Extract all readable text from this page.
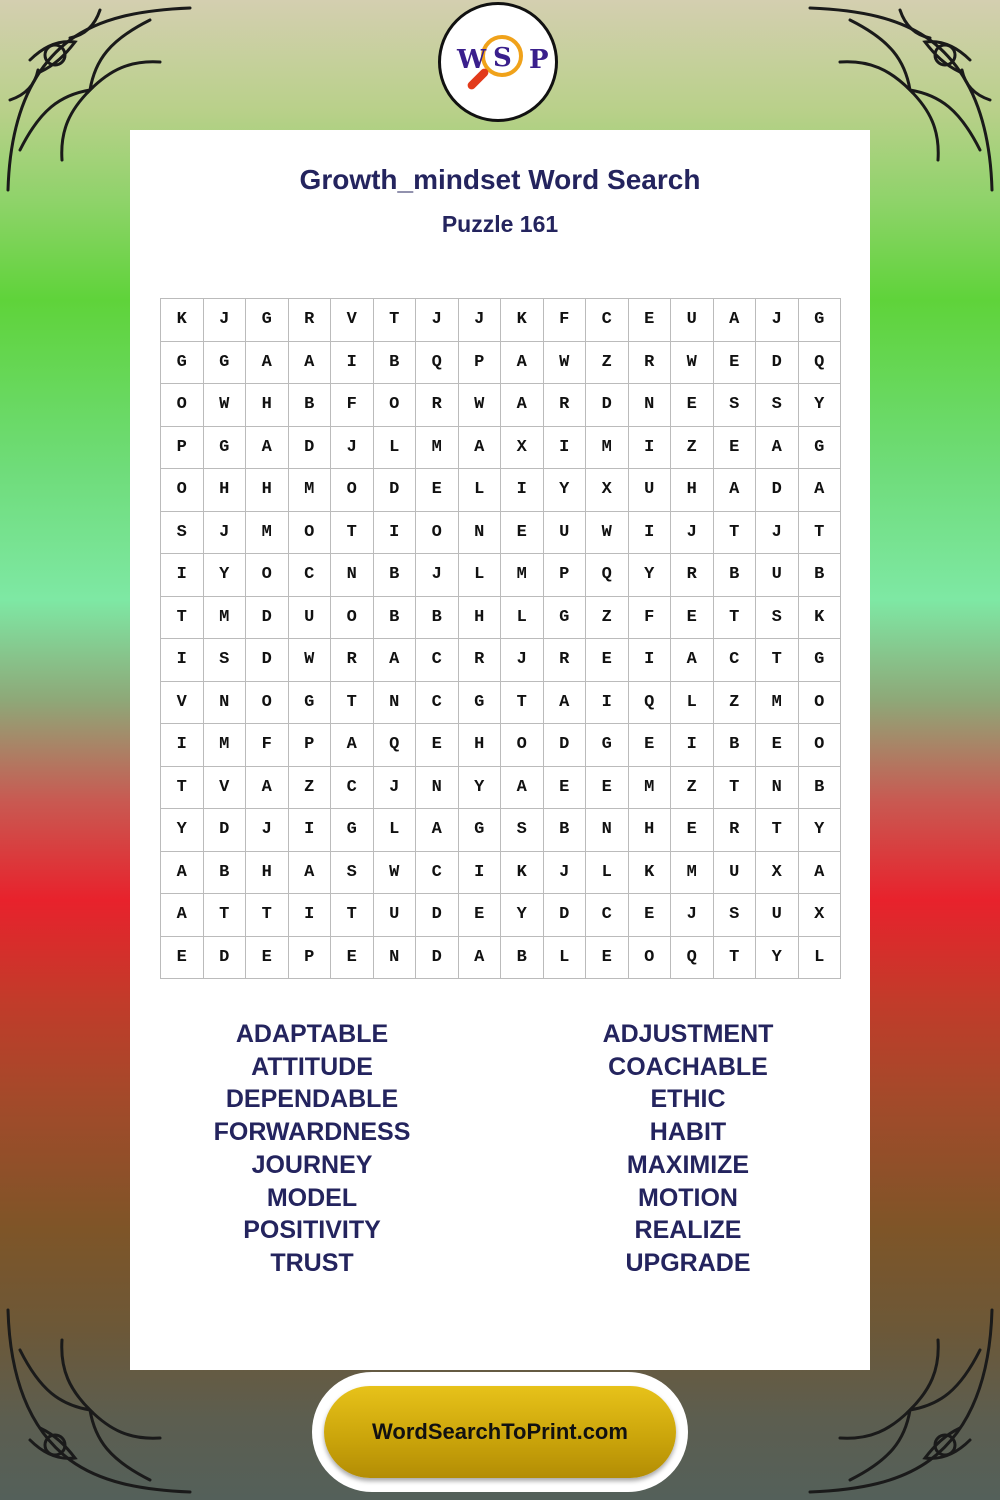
W S P
Growth_mindset Word Search
Puzzle 161
K	J	G	R	V	T	J	J	K	F	C	E	U	A	J	G
G	G	A	A	I	B	Q	P	A	W	Z	R	W	E	D	Q
O	W	H	B	F	O	R	W	A	R	D	N	E	S	S	Y
P	G	A	D	J	L	M	A	X	I	M	I	Z	E	A	G
O	H	H	M	O	D	E	L	I	Y	X	U	H	A	D	A
S	J	M	O	T	I	O	N	E	U	W	I	J	T	J	T
I	Y	O	C	N	B	J	L	M	P	Q	Y	R	B	U	B
T	M	D	U	O	B	B	H	L	G	Z	F	E	T	S	K
I	S	D	W	R	A	C	R	J	R	E	I	A	C	T	G
V	N	O	G	T	N	C	G	T	A	I	Q	L	Z	M	O
I	M	F	P	A	Q	E	H	O	D	G	E	I	B	E	O
T	V	A	Z	C	J	N	Y	A	E	E	M	Z	T	N	B
Y	D	J	I	G	L	A	G	S	B	N	H	E	R	T	Y
A	B	H	A	S	W	C	I	K	J	L	K	M	U	X	A
A	T	T	I	T	U	D	E	Y	D	C	E	J	S	U	X
E	D	E	P	E	N	D	A	B	L	E	O	Q	T	Y	L
ADAPTABLE
ATTITUDE
DEPENDABLE
FORWARDNESS
JOURNEY
MODEL
POSITIVITY
TRUST
ADJUSTMENT
COACHABLE
ETHIC
HABIT
MAXIMIZE
MOTION
REALIZE
UPGRADE
WordSearchToPrint.com
